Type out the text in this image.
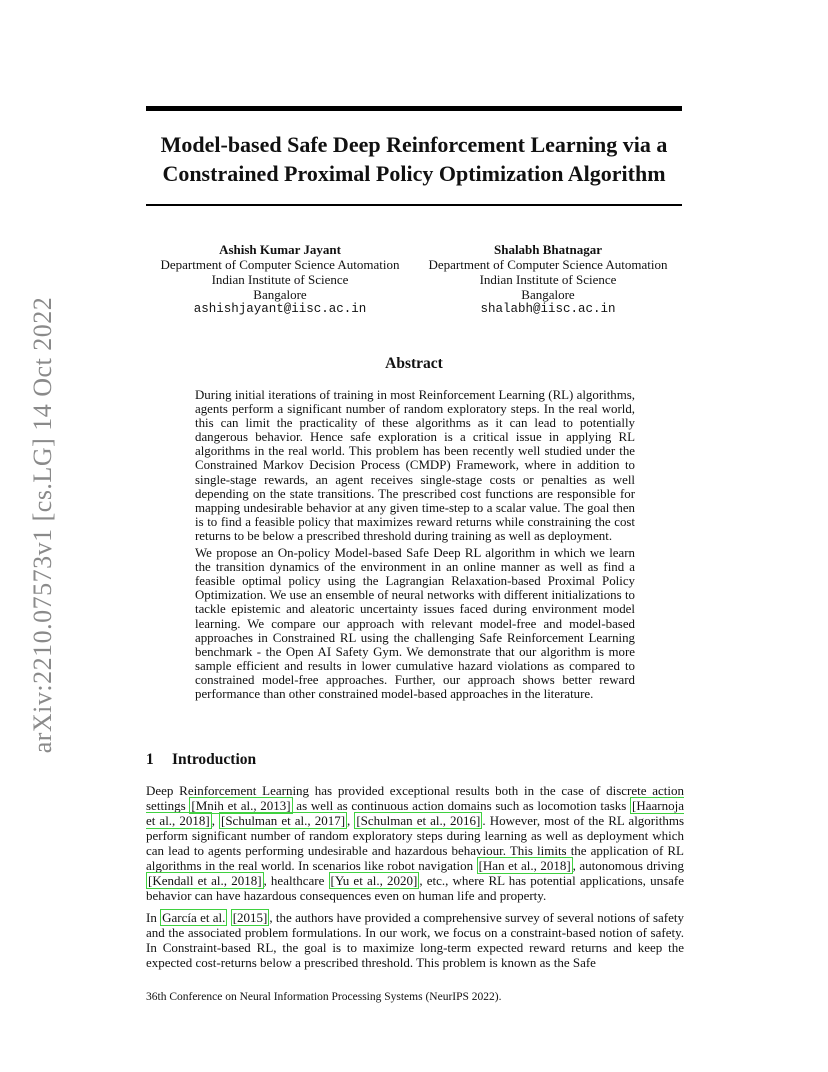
arXiv:2210.07573v1 [cs.LG] 14 Oct 2022
Model-based Safe Deep Reinforcement Learning via a Constrained Proximal Policy Optimization Algorithm
Ashish Kumar Jayant
Department of Computer Science Automation
Indian Institute of Science
Bangalore
ashishjayant@iisc.ac.in
Shalabh Bhatnagar
Department of Computer Science Automation
Indian Institute of Science
Bangalore
shalabh@iisc.ac.in
Abstract

During initial iterations of training in most Reinforcement Learning (RL) algorithms, agents perform a significant number of random exploratory steps. In the real world, this can limit the practicality of these algorithms as it can lead to potentially dangerous behavior. Hence safe exploration is a critical issue in applying RL algorithms in the real world. This problem has been recently well studied under the Constrained Markov Decision Process (CMDP) Framework, where in addition to single-stage rewards, an agent receives single-stage costs or penalties as well depending on the state transitions. The prescribed cost functions are responsible for mapping undesirable behavior at any given time-step to a scalar value. The goal then is to find a feasible policy that maximizes reward returns while constraining the cost returns to be below a prescribed threshold during training as well as deployment.

We propose an On-policy Model-based Safe Deep RL algorithm in which we learn the transition dynamics of the environment in an online manner as well as find a feasible optimal policy using the Lagrangian Relaxation-based Proximal Policy Optimization. We use an ensemble of neural networks with different initializations to tackle epistemic and aleatoric uncertainty issues faced during environment model learning. We compare our approach with relevant model-free and model-based approaches in Constrained RL using the challenging Safe Reinforcement Learning benchmark - the Open AI Safety Gym. We demonstrate that our algorithm is more sample efficient and results in lower cumulative hazard violations as compared to constrained model-free approaches. Further, our approach shows better reward performance than other constrained model-based approaches in the literature.

1 Introduction

Deep Reinforcement Learning has provided exceptional results both in the case of discrete action settings [Mnih et al., 2013] as well as continuous action domains such as locomotion tasks [Haarnoja et al., 2018] , [Schulman et al., 2017] , [Schulman et al., 2016] . However, most of the RL algorithms perform significant number of random exploratory steps during learning as well as deployment which can lead to agents performing undesirable and hazardous behaviour. This limits the application of RL algorithms in the real world. In scenarios like robot navigation [Han et al., 2018] , autonomous driving [Kendall et al., 2018] , healthcare [Yu et al., 2020] , etc., where RL has potential applications, unsafe behavior can have hazardous consequences even on human life and property.

In García et al. [2015] , the authors have provided a comprehensive survey of several notions of safety and the associated problem formulations. In our work, we focus on a constraint-based notion of safety. In Constraint-based RL, the goal is to maximize long-term expected reward returns and keep the expected cost-returns below a prescribed threshold. This problem is known as the Safe

36th Conference on Neural Information Processing Systems (NeurIPS 2022).
